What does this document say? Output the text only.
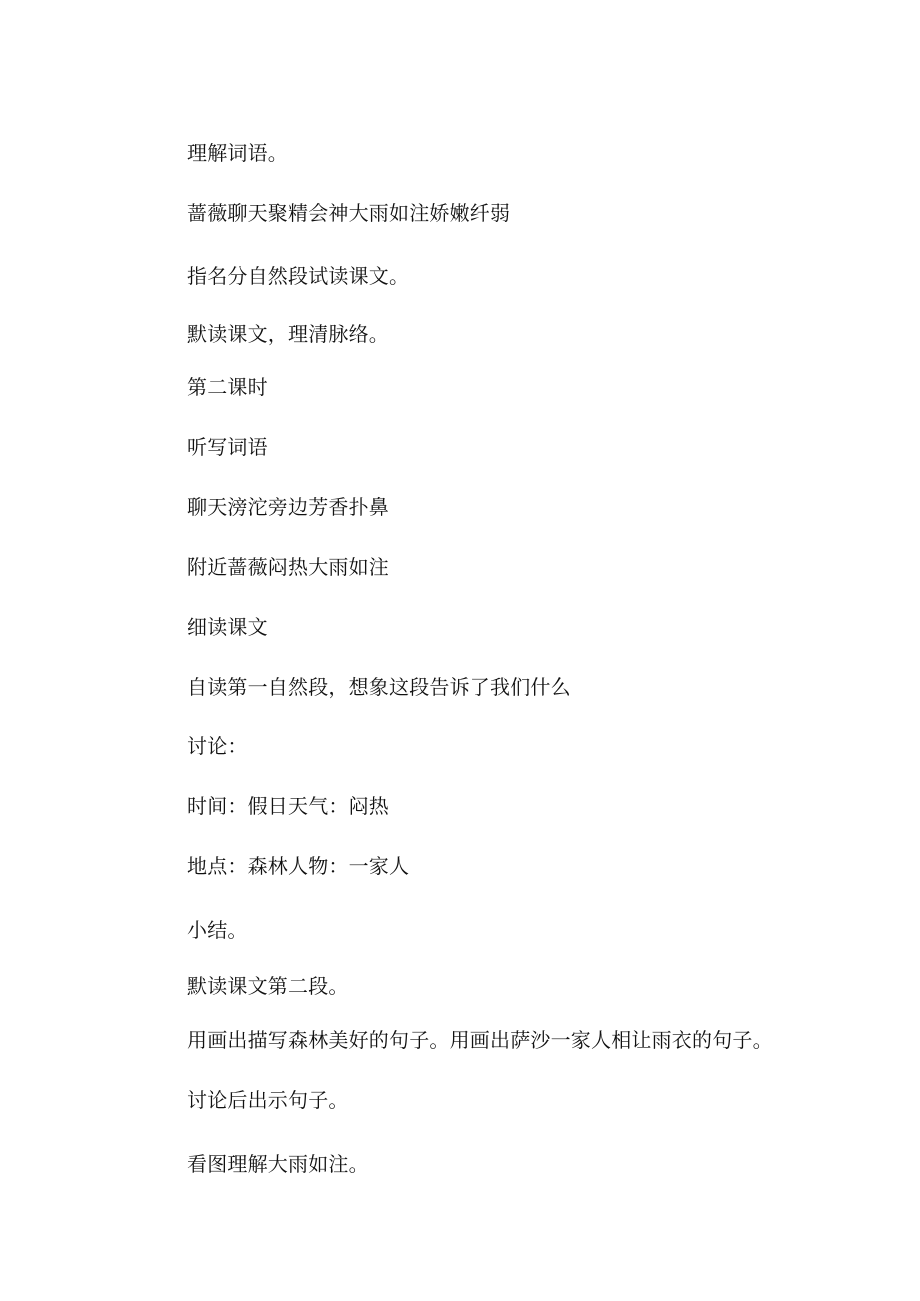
理解词语。

蔷薇聊天聚精会神大雨如注娇嫩纤弱

指名分自然段试读课文。

默读课文，理清脉络。

第二课时

听写词语

聊天滂沱旁边芳香扑鼻

附近蔷薇闷热大雨如注

细读课文

自读第一自然段，想象这段告诉了我们什么

讨论：

时间：假日天气：闷热

地点：森林人物：一家人

小结。

默读课文第二段。

用画出描写森林美好的句子。用画出萨沙一家人相让雨衣的句子。

讨论后出示句子。

看图理解大雨如注。
